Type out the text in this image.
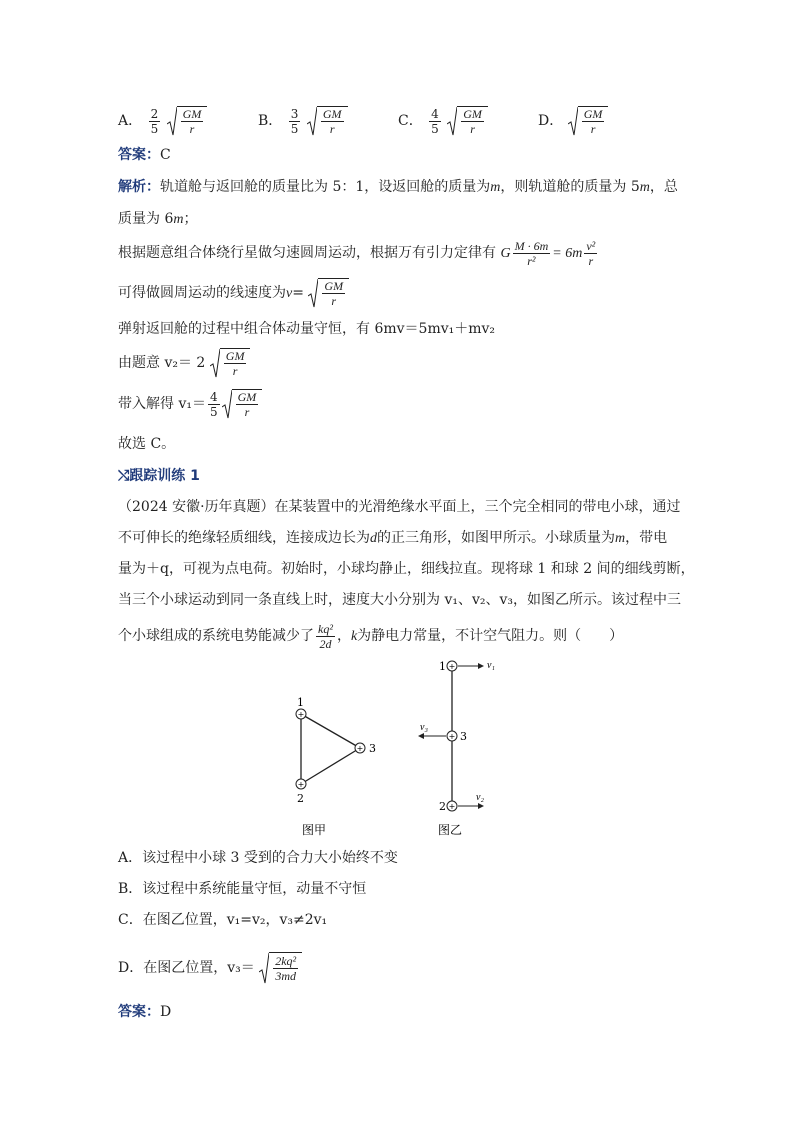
A． $\frac{2}{5}$
$\frac{GM}{r}$	B． $\frac{3}{5}$
$\frac{GM}{r}$	C． $\frac{4}{5}$
$\frac{GM}{r}$	D． $\frac{GM}{r}$
答案：C
解析：轨道舱与返回舱的质量比为 5：1，设返回舱的质量为m，则轨道舱的质量为 5m，总
质量为 6m；
根据题意组合体绕行星做匀速圆周运动，根据万有引力定律有 G $\frac{M \cdot 6m}{\text{r²}} = 6m \frac{\text{v²}}{r}$
可得做圆周运动的线速度为$v= \frac{GM}{r}$
弹射返回舱的过程中组合体动量守恒，有 6mv＝5mv₁＋mv₂
由题意 $v_2= 2 \frac{GM}{r}$
带入解得 $v_1= \frac{4}{5} \frac{GM}{r}$
故选 C。
⤭跟踪训练 1
（2024 安徽·历年真题）在某装置中的光滑绝缘水平面上，三个完全相同的带电小球，通过
不可伸长的绝缘轻质细线，连接成边长为d的正三角形，如图甲所示。小球质量为m，带电
量为＋q，可视为点电荷。初始时，小球均静止，细线拉直。现将球 1 和球 2 间的细线剪断，
当三个小球运动到同一条直线上时，速度大小分别为 v₁、v₂、v₃，如图乙所示。该过程中三
个小球组成的系统电势能减少了 $\frac{\text{kq²}}{2d}$ ，k为静电力常量，不计空气阻力。则（　　）
+
+
+
1
2
3
图甲
+
+
+
1
3
2
v₁
v₃
v₂
图乙
A．该过程中小球 3 受到的合力大小始终不变
B．该过程中系统能量守恒，动量不守恒
C．在图乙位置，v₁=v₂，v₃≠2v₁
D．在图乙位置，$v_3= \frac{\text{2kq²}}{3md}$
答案：D
